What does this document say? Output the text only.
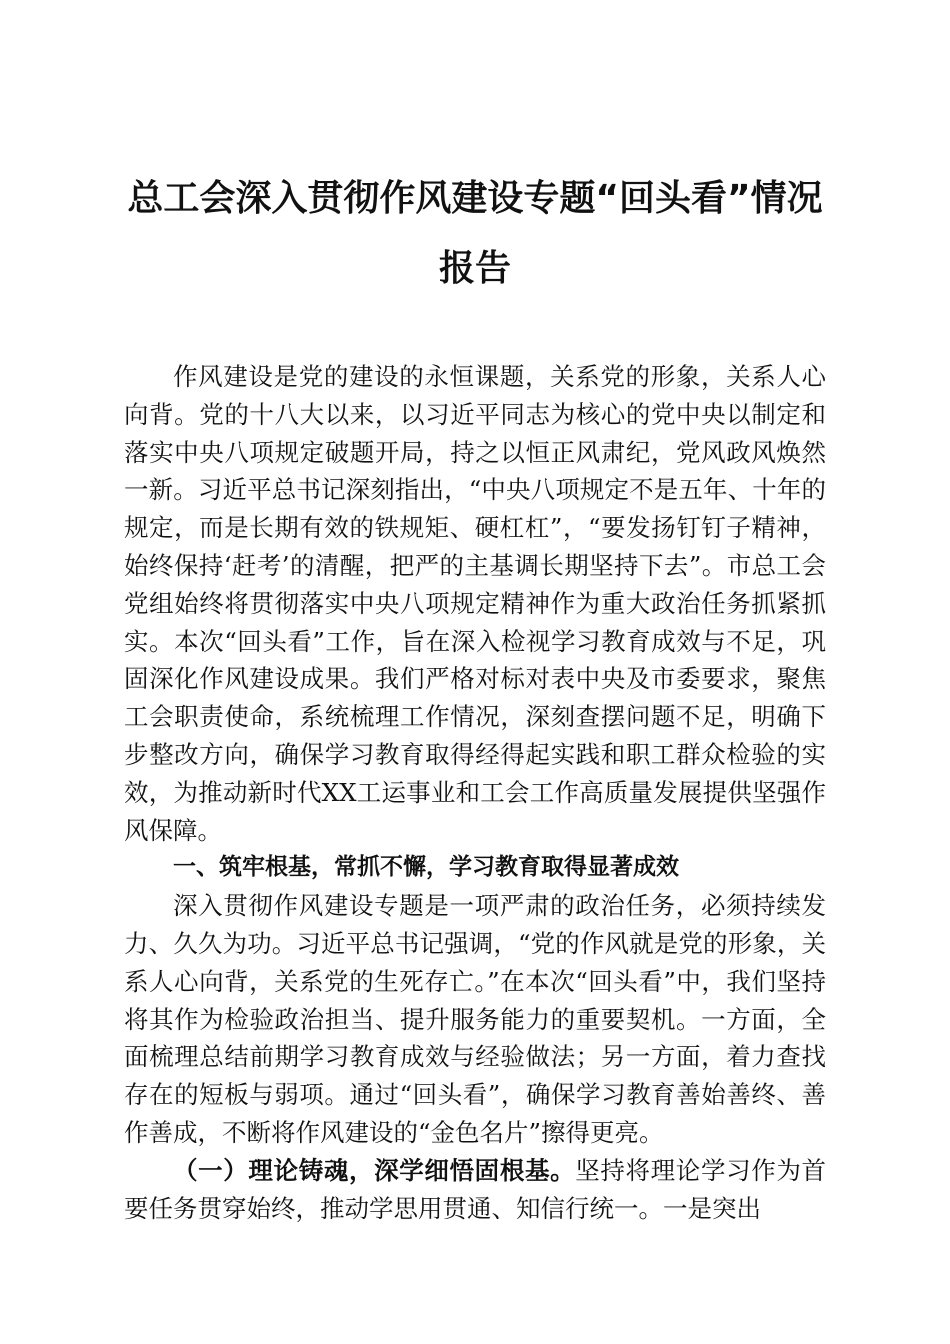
总工会深入贯彻作风建设专题“回头看”情况
报告

作风建设是党的建设的永恒课题，关系党的形象，关系人心向背。党的十八大以来，以习近平同志为核心的党中央以制定和落实中央八项规定破题开局，持之以恒正风肃纪，党风政风焕然一新。习近平总书记深刻指出，“中央八项规定不是五年、十年的规定，而是长期有效的铁规矩、硬杠杠”，“要发扬钉钉子精神，始终保持‘赶考’的清醒，把严的主基调长期坚持下去”。市总工会党组始终将贯彻落实中央八项规定精神作为重大政治任务抓紧抓实。本次“回头看”工作，旨在深入检视学习教育成效与不足，巩固深化作风建设成果。我们严格对标对表中央及市委要求，聚焦工会职责使命，系统梳理工作情况，深刻查摆问题不足，明确下步整改方向，确保学习教育取得经得起实践和职工群众检验的实效，为推动新时代XX工运事业和工会工作高质量发展提供坚强作风保障。

一、筑牢根基，常抓不懈，学习教育取得显著成效

深入贯彻作风建设专题是一项严肃的政治任务，必须持续发力、久久为功。习近平总书记强调，“党的作风就是党的形象，关系人心向背，关系党的生死存亡。”在本次“回头看”中，我们坚持将其作为检验政治担当、提升服务能力的重要契机。一方面，全面梳理总结前期学习教育成效与经验做法；另一方面，着力查找存在的短板与弱项。通过“回头看”，确保学习教育善始善终、善作善成，不断将作风建设的“金色名片”擦得更亮。

（一）理论铸魂，深学细悟固根基。坚持将理论学习作为首要任务贯穿始终，推动学思用贯通、知信行统一。一是突出
